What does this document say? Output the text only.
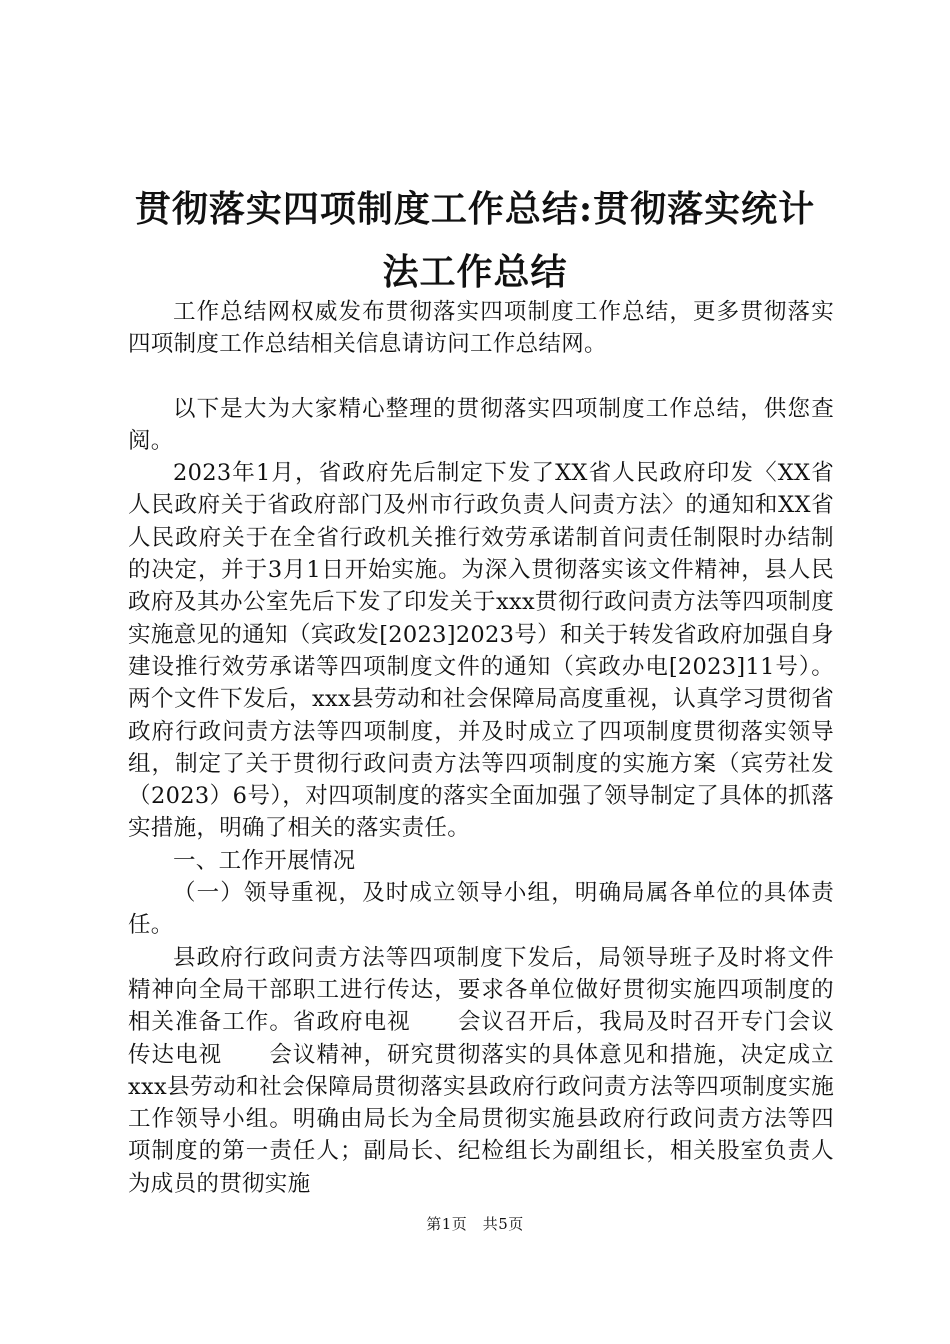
贯彻落实四项制度工作总结:贯彻落实统计法工作总结

工作总结网权威发布贯彻落实四项制度工作总结，更多贯彻落实四项制度工作总结相关信息请访问工作总结网。

以下是大为大家精心整理的贯彻落实四项制度工作总结，供您查阅。

2023年1月，省政府先后制定下发了XX省人民政府印发〈XX省人民政府关于省政府部门及州市行政负责人问责方法〉的通知和XX省人民政府关于在全省行政机关推行效劳承诺制首问责任制限时办结制的决定，并于3月1日开始实施。为深入贯彻落实该文件精神，县人民政府及其办公室先后下发了印发关于xxx贯彻行政问责方法等四项制度实施意见的通知（宾政发[2023]2023号）和关于转发省政府加强自身建设推行效劳承诺等四项制度文件的通知（宾政办电[2023]11号）。两个文件下发后，xxx县劳动和社会保障局高度重视，认真学习贯彻省政府行政问责方法等四项制度，并及时成立了四项制度贯彻落实领导组，制定了关于贯彻行政问责方法等四项制度的实施方案（宾劳社发（2023）6号），对四项制度的落实全面加强了领导制定了具体的抓落实措施，明确了相关的落实责任。

一、工作开展情况

（一）领导重视，及时成立领导小组，明确局属各单位的具体责任。

县政府行政问责方法等四项制度下发后，局领导班子及时将文件精神向全局干部职工进行传达，要求各单位做好贯彻实施四项制度的相关准备工作。省政府电视　　会议召开后，我局及时召开专门会议传达电视　　会议精神，研究贯彻落实的具体意见和措施，决定成立xxx县劳动和社会保障局贯彻落实县政府行政问责方法等四项制度实施工作领导小组。明确由局长为全局贯彻实施县政府行政问责方法等四项制度的第一责任人；副局长、纪检组长为副组长，相关股室负责人为成员的贯彻实施

第1页　共5页
